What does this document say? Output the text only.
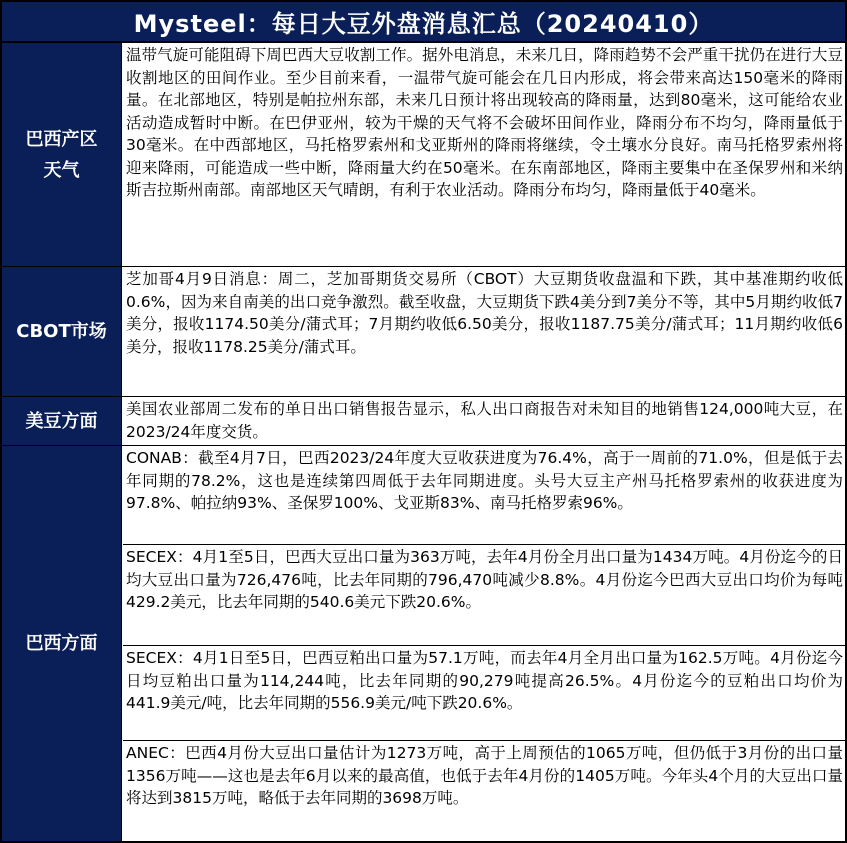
Mysteel：每日大豆外盘消息汇总（20240410）
巴西产区
天气
温带气旋可能阻碍下周巴西大豆收割工作。据外电消息，未来几日，降雨趋势不会严重干扰仍在进行大豆收割地区的田间作业。至少目前来看，一温带气旋可能会在几日内形成，将会带来高达150毫米的降雨量。在北部地区，特别是帕拉州东部，未来几日预计将出现较高的降雨量，达到80毫米，这可能给农业活动造成暂时中断。在巴伊亚州，较为干燥的天气将不会破坏田间作业，降雨分布不均匀，降雨量低于30毫米。在中西部地区，马托格罗索州和戈亚斯州的降雨将继续，令土壤水分良好。南马托格罗索州将迎来降雨，可能造成一些中断，降雨量大约在50毫米。在东南部地区，降雨主要集中在圣保罗州和米纳斯吉拉斯州南部。南部地区天气晴朗，有利于农业活动。降雨分布均匀，降雨量低于40毫米。
CBOT市场
芝加哥4月9日消息：周二，芝加哥期货交易所（CBOT）大豆期货收盘温和下跌，其中基准期约收低0.6%，因为来自南美的出口竞争激烈。截至收盘，大豆期货下跌4美分到7美分不等，其中5月期约收低7美分，报收1174.50美分/蒲式耳；7月期约收低6.50美分，报收1187.75美分/蒲式耳；11月期约收低6美分，报收1178.25美分/蒲式耳。
美豆方面
美国农业部周二发布的单日出口销售报告显示，私人出口商报告对未知目的地销售124,000吨大豆，在2023/24年度交货。
巴西方面
CONAB：截至4月7日，巴西2023/24年度大豆收获进度为76.4%，高于一周前的71.0%，但是低于去年同期的78.2%，这也是连续第四周低于去年同期进度。头号大豆主产州马托格罗索州的收获进度为97.8%、帕拉纳93%、圣保罗100%、戈亚斯83%、南马托格罗索96%。
SECEX：4月1至5日，巴西大豆出口量为363万吨，去年4月份全月出口量为1434万吨。4月份迄今的日均大豆出口量为726,476吨，比去年同期的796,470吨减少8.8%。4月份迄今巴西大豆出口均价为每吨429.2美元，比去年同期的540.6美元下跌20.6%。
SECEX：4月1日至5日，巴西豆粕出口量为57.1万吨，而去年4月全月出口量为162.5万吨。4月份迄今日均豆粕出口量为114,244吨，比去年同期的90,279吨提高26.5%。4月份迄今的豆粕出口均价为441.9美元/吨，比去年同期的556.9美元/吨下跌20.6%。
ANEC：巴西4月份大豆出口量估计为1273万吨，高于上周预估的1065万吨，但仍低于3月份的出口量1356万吨——这也是去年6月以来的最高值，也低于去年4月份的1405万吨。今年头4个月的大豆出口量将达到3815万吨，略低于去年同期的3698万吨。
